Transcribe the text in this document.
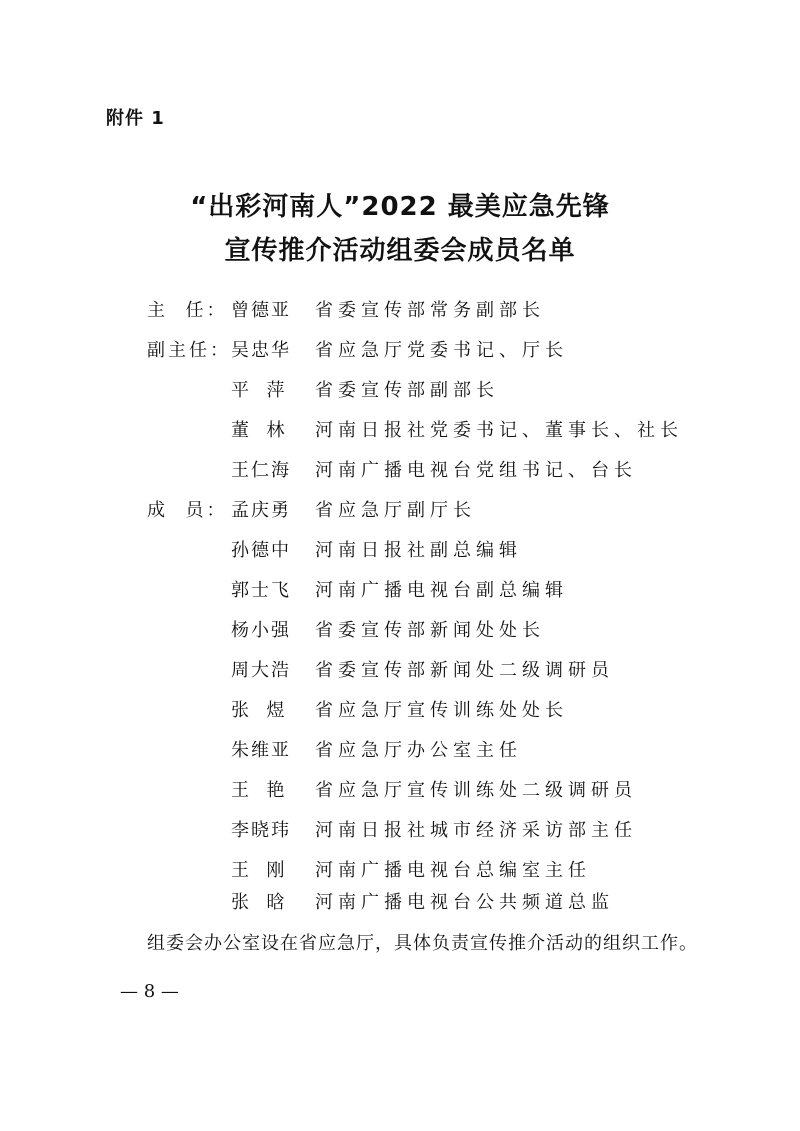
附件 1
“出彩河南人”2022 最美应急先锋
宣传推介活动组委会成员名单
主  任： 曾德亚 省委宣传部常务副部长
副主任： 吴忠华 省应急厅党委书记、厅长
平  萍 省委宣传部副部长
董  林 河南日报社党委书记、董事长、社长
王仁海 河南广播电视台党组书记、台长
成  员： 孟庆勇 省应急厅副厅长
孙德中 河南日报社副总编辑
郭士飞 河南广播电视台副总编辑
杨小强 省委宣传部新闻处处长
周大浩 省委宣传部新闻处二级调研员
张  煜 省应急厅宣传训练处处长
朱维亚 省应急厅办公室主任
王  艳 省应急厅宣传训练处二级调研员
李晓玮 河南日报社城市经济采访部主任
王  刚 河南广播电视台总编室主任
张  晗 河南广播电视台公共频道总监
组委会办公室设在省应急厅，具体负责宣传推介活动的组织工作。
— 8 —
